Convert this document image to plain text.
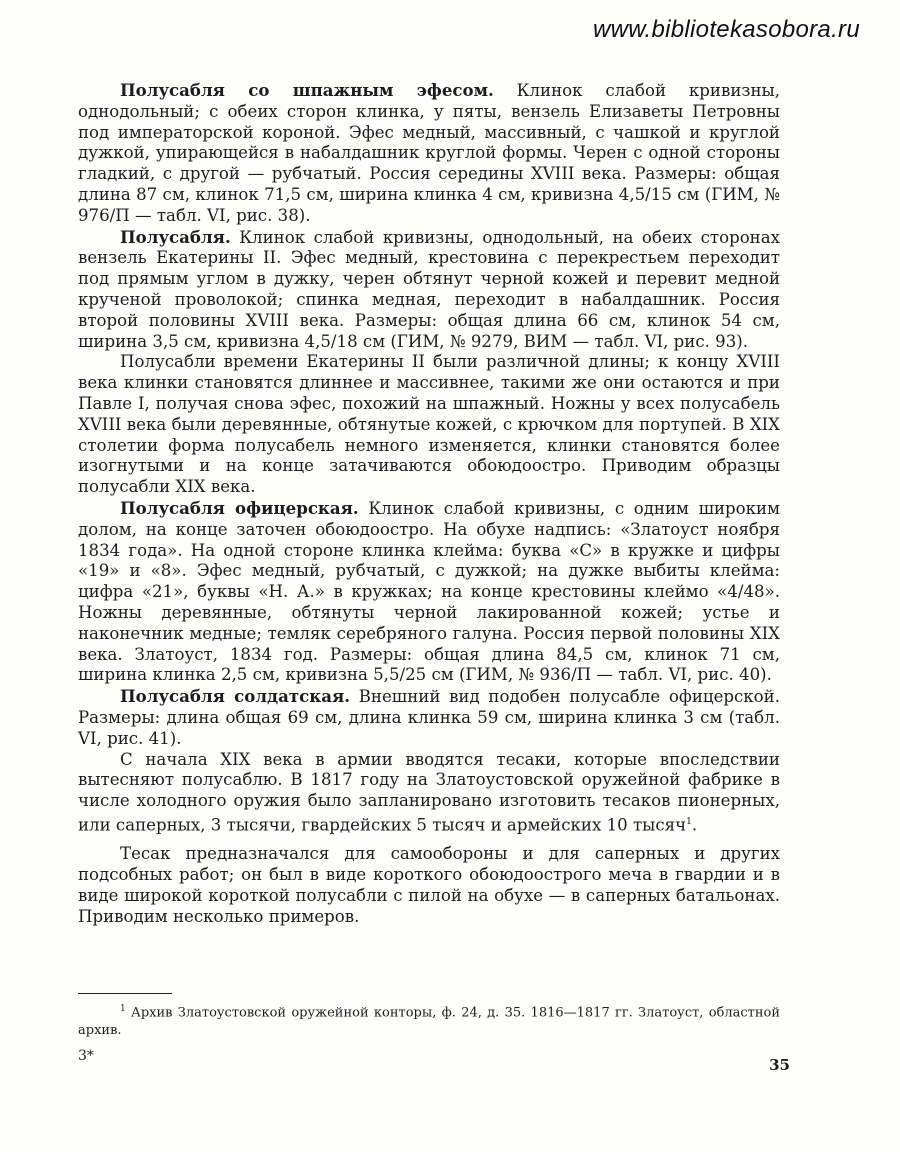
www.bibliotekasobora.ru

Полусабля со шпажным эфесом. Клинок слабой кривизны, однодольный; с обеих сторон клинка, у пяты, вензель Елизаветы Петровны под императорской короной. Эфес медный, массивный, с чашкой и круглой дужкой, упирающейся в набалдашник круглой формы. Черен с одной стороны гладкий, с другой — рубчатый. Россия середины XVIII века. Размеры: общая длина 87 см, клинок 71,5 см, ширина клинка 4 см, кривизна 4,5/15 см (ГИМ, № 976/П — табл. VI, рис. 38).

Полусабля. Клинок слабой кривизны, однодольный, на обеих сторонах вензель Екатерины II. Эфес медный, крестовина с перекрестьем переходит под прямым углом в дужку, черен обтянут черной кожей и перевит медной крученой проволокой; спинка медная, переходит в набалдашник. Россия второй половины XVIII века. Размеры: общая длина 66 см, клинок 54 см, ширина 3,5 см, кривизна 4,5/18 см (ГИМ, № 9279, ВИМ — табл. VI, рис. 93).

Полусабли времени Екатерины II были различной длины; к концу XVIII века клинки становятся длиннее и массивнее, такими же они остаются и при Павле I, получая снова эфес, похожий на шпажный. Ножны у всех полусабель XVIII века были деревянные, обтянутые кожей, с крючком для портупей. В XIX столетии форма полусабель немного изменяется, клинки становятся более изогнутыми и на конце затачиваются обоюдоостро. Приводим образцы полусабли XIX века.

Полусабля офицерская. Клинок слабой кривизны, с одним широким долом, на конце заточен обоюдоостро. На обухе надпись: «Златоуст ноября 1834 года». На одной стороне клинка клейма: буква «С» в кружке и цифры «19» и «8». Эфес медный, рубчатый, с дужкой; на дужке выбиты клейма: цифра «21», буквы «Н. А.» в кружках; на конце крестовины клеймо «4/48». Ножны деревянные, обтянуты черной лакированной кожей; устье и наконечник медные; темляк серебряного галуна. Россия первой половины XIX века. Златоуст, 1834 год. Размеры: общая длина 84,5 см, клинок 71 см, ширина клинка 2,5 см, кривизна 5,5/25 см (ГИМ, № 936/П — табл. VI, рис. 40).

Полусабля солдатская. Внешний вид подобен полусабле офицерской. Размеры: длина общая 69 см, длина клинка 59 см, ширина клинка 3 см (табл. VI, рис. 41).

С начала XIX века в армии вводятся тесаки, которые впоследствии вытесняют полусаблю. В 1817 году на Златоустовской оружейной фабрике в числе холодного оружия было запланировано изготовить тесаков пионерных, или саперных, 3 тысячи, гвардейских 5 тысяч и армейских 10 тысяч$^1$.

Тесак предназначался для самообороны и для саперных и других подсобных работ; он был в виде короткого обоюдоострого меча в гвардии и в виде широкой короткой полусабли с пилой на обухе — в саперных батальонах. Приводим несколько примеров.

$^1$ Архив Златоустовской оружейной конторы, ф. 24, д. 35. 1816—1817 гг. Златоуст, областной архив.
3*	35
